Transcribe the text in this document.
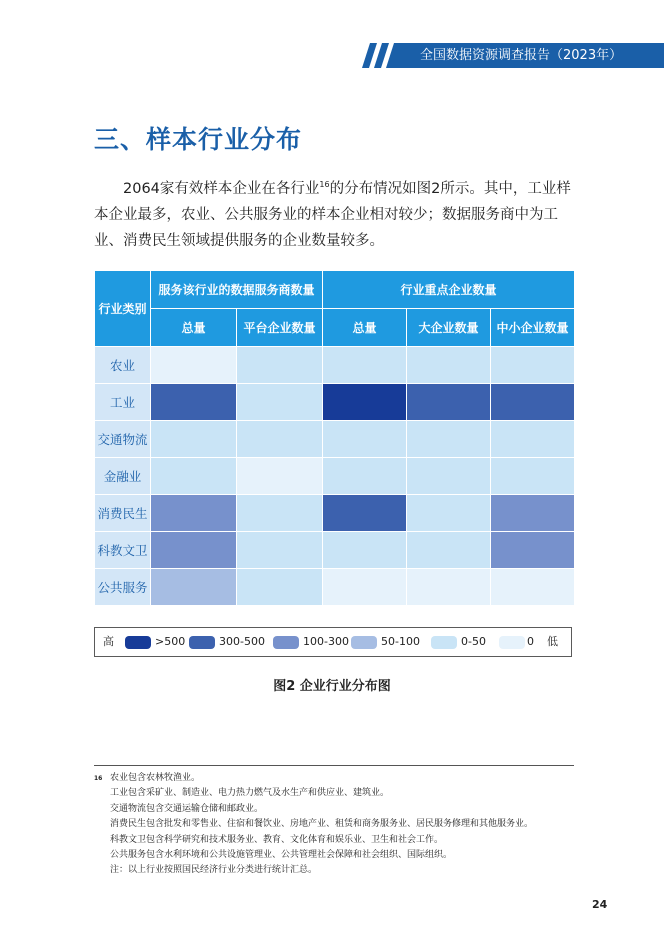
全国数据资源调查报告（2023年）
三、样本行业分布

2064家有效样本企业在各行业$^{16}$的分布情况如图2所示。其中，工业样本企业最多，农业、公共服务业的样本企业相对较少；数据服务商中为工业、消费民生领域提供服务的企业数量较多。

行业类别	服务该行业的数据服务商数量		行业重点企业数量		
	总量	平台企业数量	总量	大企业数量	中小企业数量
农业					
工业					
交通物流					
金融业					
消费民生					
科教文卫					
公共服务					
高	>500	300-500	100-300	50-100	0-50	0 低
图2 企业行业分布图
16 农业包含农林牧渔业。
工业包含采矿业、制造业、电力热力燃气及水生产和供应业、建筑业。
交通物流包含交通运输仓储和邮政业。
消费民生包含批发和零售业、住宿和餐饮业、房地产业、租赁和商务服务业、居民服务修理和其他服务业。
科教文卫包含科学研究和技术服务业、教育、文化体育和娱乐业、卫生和社会工作。
公共服务包含水利环境和公共设施管理业、公共管理社会保障和社会组织、国际组织。
注：以上行业按照国民经济行业分类进行统计汇总。
24
